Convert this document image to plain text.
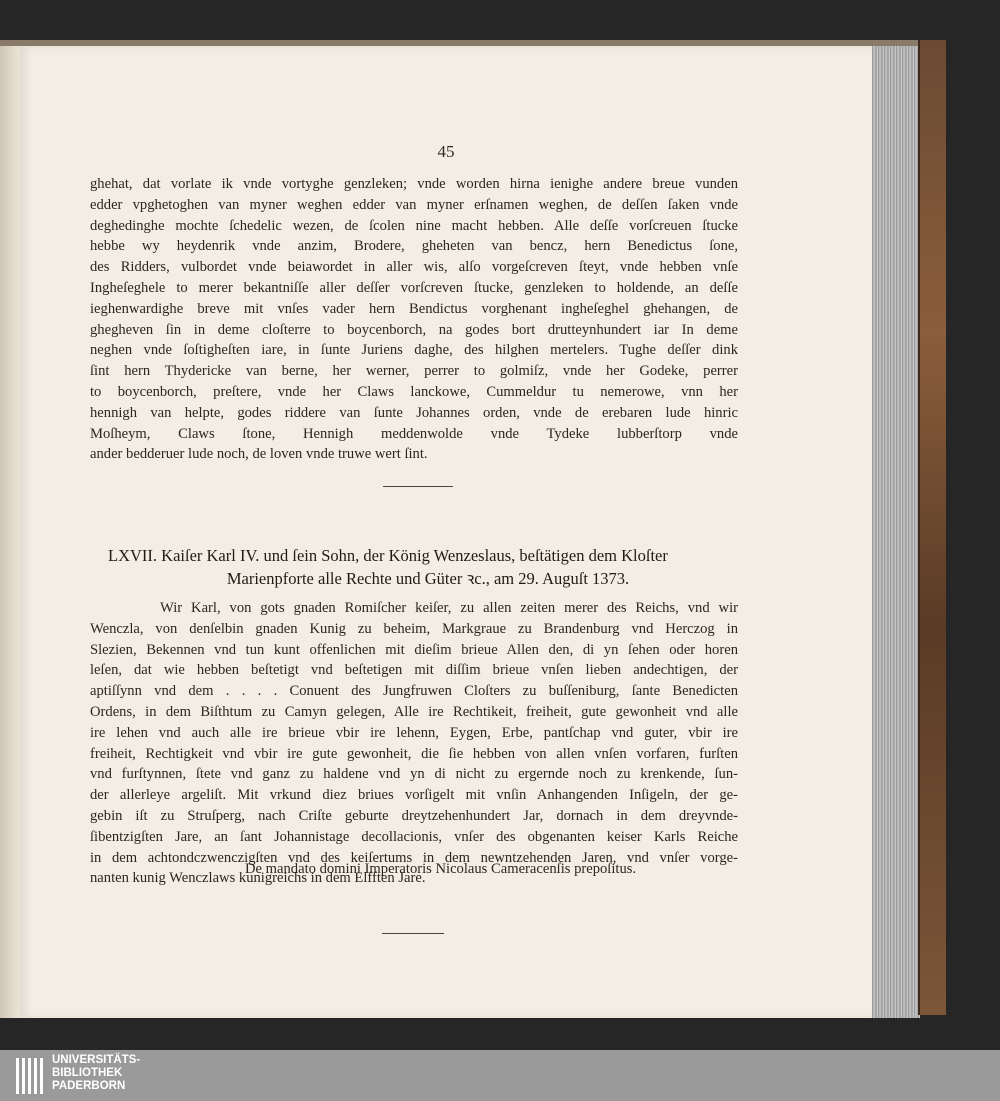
45
ghehat, dat vorlate ik vnde vortyghe genzleken; vnde worden hirna ienighe andere breue vunden
edder vpghetoghen van myner weghen edder van myner erſnamen weghen, de deſſen ſaken vnde
deghedinghe mochte ſchedelic wezen, de ſcolen nine macht hebben. Alle deſſe vorſcreuen ſtucke
hebbe wy heydenrik vnde anzim, Brodere, gheheten van bencz, hern Benedictus ſone,
des Ridders, vulbordet vnde beiawordet in aller wis, alſo vorgeſcreven ſteyt, vnde hebben vnſe
Ingheſeghele to merer bekantniſſe aller deſſer vorſcreven ſtucke, genzleken to holdende, an deſſe
ieghenwardighe breve mit vnſes vader hern Bendictus vorghenant ingheſeghel ghehangen, de
ghegheven ſin in deme cloſterre to boycenborch, na godes bort drutteynhundert iar In deme
neghen vnde ſoſtigheſten iare, in ſunte Juriens daghe, des hilghen mertelers. Tughe deſſer dink
ſint hern Thydericke van berne, her werner, perrer to golmiſz, vnde her Godeke, perrer
to boycenborch, preſtere, vnde her Claws lanckowe, Cummeldur tu nemerowe, vnn her
hennigh van helpte, godes riddere van ſunte Johannes orden, vnde de erebaren lude hinric
Moſheym, Claws ſtone, Hennigh meddenwolde vnde Tydeke lubberſtorp vnde
ander bedderuer lude noch, de loven vnde truwe wert ſint.
LXVII. Kaiſer Karl IV. und ſein Sohn, der König Wenzeslaus, beſtätigen dem Kloſter
Marienpforte alle Rechte und Güter ꝛc., am 29. Auguſt 1373.
Wir Karl, von gots gnaden Romiſcher keiſer, zu allen zeiten merer des Reichs, vnd wir
Wenczla, von denſelbin gnaden Kunig zu beheim, Markgraue zu Brandenburg vnd Herczog in
Slezien, Bekennen vnd tun kunt offenlichen mit dieſim brieue Allen den, di yn ſehen oder horen
leſen, dat wie hebben beſtetigt vnd beſtetigen mit diſſim brieue vnſen lieben andechtigen, der
aptiſſynn vnd dem . . . . Conuent des Jungfruwen Cloſters zu buſſeniburg, ſante Benedicten
Ordens, in dem Biſthtum zu Camyn gelegen, Alle ire Rechtikeit, freiheit, gute gewonheit vnd alle
ire lehen vnd auch alle ire brieue vbir ire lehenn, Eygen, Erbe, pantſchap vnd guter, vbir ire
freiheit, Rechtigkeit vnd vbir ire gute gewonheit, die ſie hebben von allen vnſen vorfaren, furſten
vnd furſtynnen, ſtete vnd ganz zu haldene vnd yn di nicht zu ergernde noch zu krenkende, ſun-
der allerleye argeliſt. Mit vrkund diez briues vorſigelt mit vnſin Anhangenden Inſigeln, der ge-
gebin iſt zu Struſperg, nach Criſte geburte dreytzehenhundert Jar, dornach in dem dreyvnde-
ſibentzigſten Jare, an ſant Johannistage decollacionis, vnſer des obgenanten keiser Karls Reiche
in dem achtondczwenczigſten vnd des keiſertums in dem newntzehenden Jaren, vnd vnſer vorge-
nanten kunig Wenczlaws kunigreichs in dem Elfften Jare.
De mandato domini Imperatoris Nicolaus Cameracenſis prepoſitus.
UNIVERSITÄTS-
BIBLIOTHEK
PADERBORN
